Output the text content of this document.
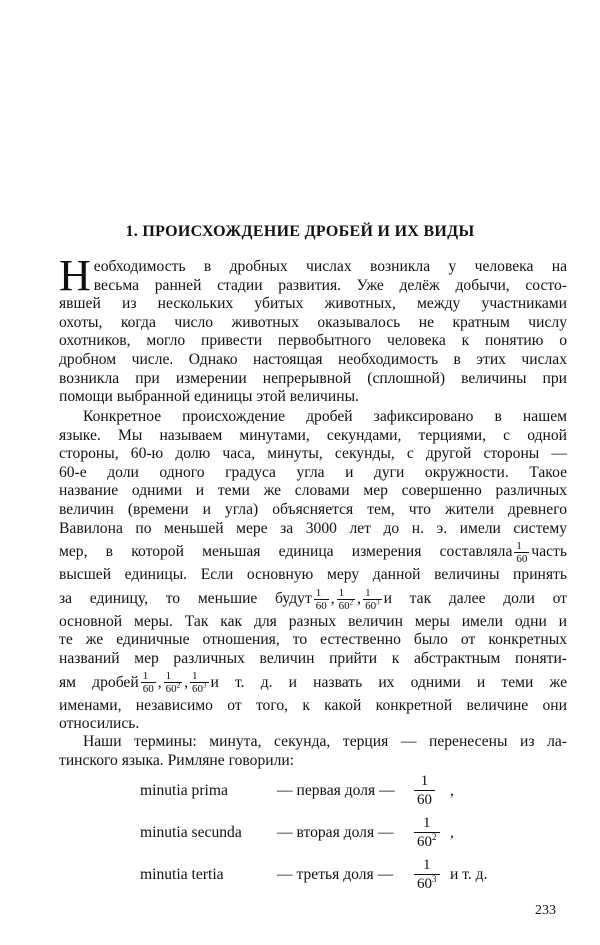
1. ПРОИСХОЖДЕНИЕ ДРОБЕЙ И ИХ ВИДЫ
Н еобходимость в дробных числах возникла у человека на
весьма ранней стадии развития. Уже делёж добычи, состо-
явшей из нескольких убитых животных, между участниками
охоты, когда число животных оказывалось не кратным числу
охотников, могло привести первобытного человека к понятию о
дробном числе. Однако настоящая необходимость в этих числах
возникла при измерении непрерывной (сплошной) величины при
помощи выбранной единицы этой величины.
Конкретное происхождение дробей зафиксировано в нашем
языке. Мы называем минутами, секундами, терциями, с одной
стороны, 60-ю долю часа, минуты, секунды, с другой стороны —
60-е доли одного градуса угла и дуги окружности. Такое
название одними и теми же словами мер совершенно различных
величин (времени и угла) объясняется тем, что жители древнего
Вавилона по меньшей мере за 3000 лет до н. э. имели систему
мер, в которой меньшая единица измерения составляла $\frac{1}{60}$ часть
высшей единицы. Если основную меру данной величины принять
за единицу, то меньшие будут $\frac{1}{60}$ , $\frac{1}{60^2}$ , $\frac{1}{60^3}$ и так далее доли от
основной меры. Так как для разных величин меры имели одни и
те же единичные отношения, то естественно было от конкретных
названий мер различных величин прийти к абстрактным поняти-
ям дробей $\frac{1}{60}$ , $\frac{1}{60^2}$ , $\frac{1}{60^3}$ и т. д. и назвать их одними и теми же
именами, независимо от того, к какой конкретной величине они
относились.
Наши термины: минута, секунда, терция — перенесены из ла-
тинского языка. Римляне говорили:
minutia prima	— первая доля — $\frac{1}{60}$ ,
minutia secunda — вторая доля — $\frac{1}{60^2}$ ,
minutia tertia	— третья доля — $\frac{1}{60^3}$ и т. д.
233
